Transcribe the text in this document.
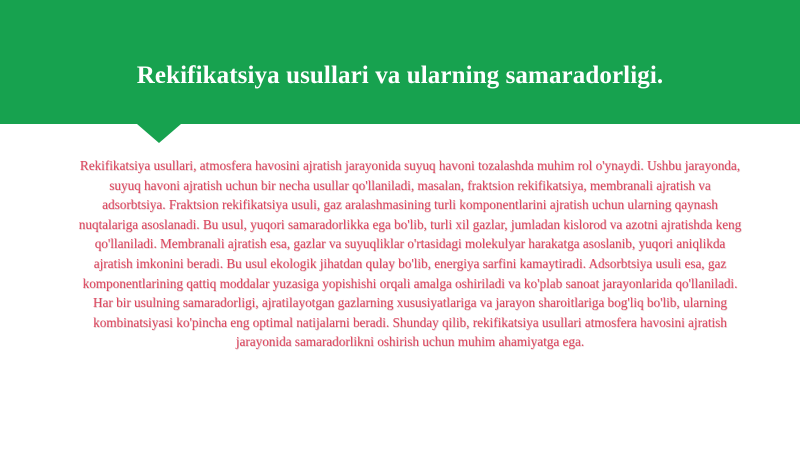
Rekifikatsiya usullari va ularning samaradorligi.

Rekifikatsiya usullari, atmosfera havosini ajratish jarayonida suyuq havoni tozalashda muhim rol o'ynaydi. Ushbu jarayonda, suyuq havoni ajratish uchun bir necha usullar qo'llaniladi, masalan, fraktsion rekifikatsiya, membranali ajratish va adsorbtsiya. Fraktsion rekifikatsiya usuli, gaz aralashmasining turli komponentlarini ajratish uchun ularning qaynash nuqtalariga asoslanadi. Bu usul, yuqori samaradorlikka ega bo'lib, turli xil gazlar, jumladan kislorod va azotni ajratishda keng qo'llaniladi. Membranali ajratish esa, gazlar va suyuqliklar o'rtasidagi molekulyar harakatga asoslanib, yuqori aniqlikda ajratish imkonini beradi. Bu usul ekologik jihatdan qulay bo'lib, energiya sarfini kamaytiradi. Adsorbtsiya usuli esa, gaz komponentlarining qattiq moddalar yuzasiga yopishishi orqali amalga oshiriladi va ko'plab sanoat jarayonlarida qo'llaniladi. Har bir usulning samaradorligi, ajratilayotgan gazlarning xususiyatlariga va jarayon sharoitlariga bog'liq bo'lib, ularning kombinatsiyasi ko'pincha eng optimal natijalarni beradi. Shunday qilib, rekifikatsiya usullari atmosfera havosini ajratish jarayonida samaradorlikni oshirish uchun muhim ahamiyatga ega.
